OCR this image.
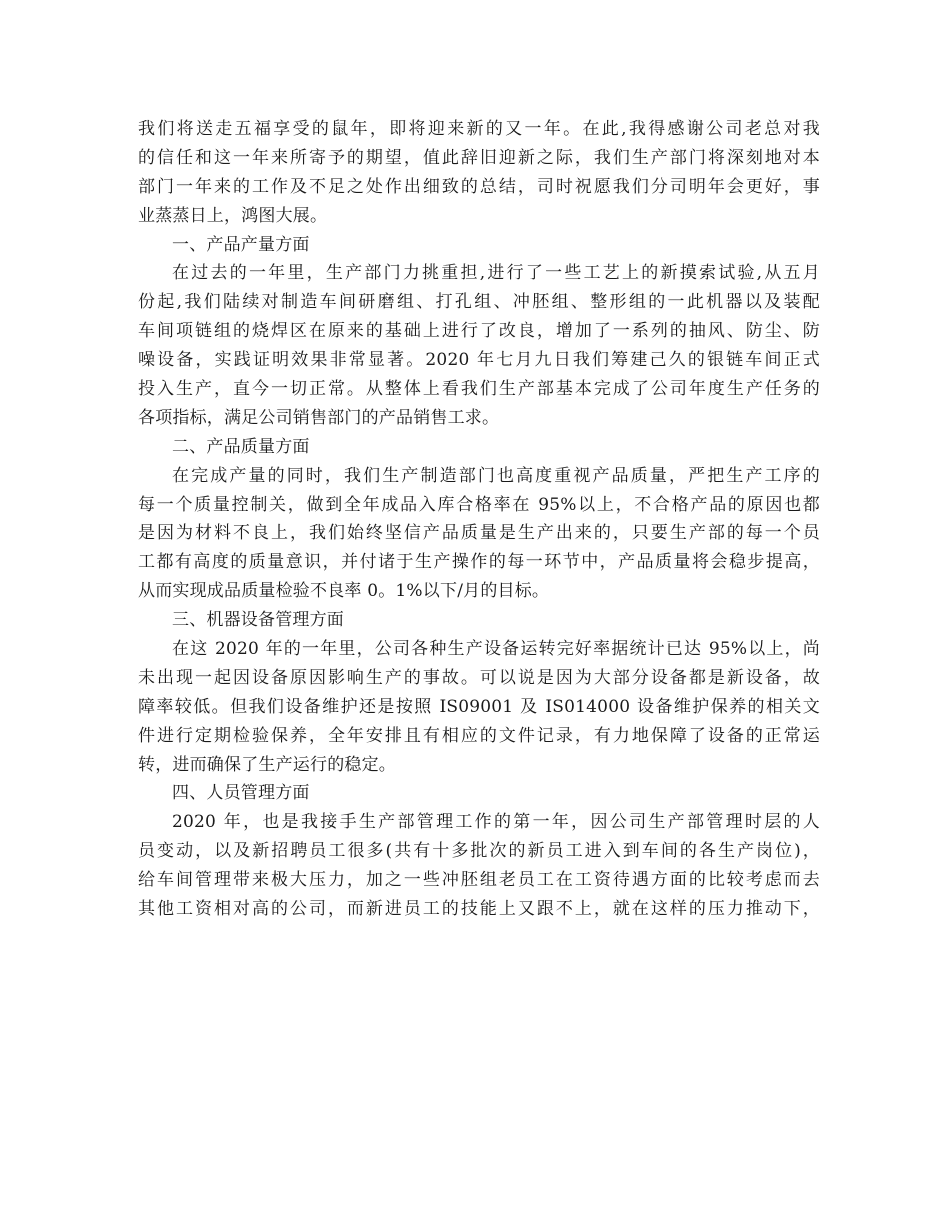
我们将送走五福享受的鼠年，即将迎来新的又一年。在此,我得感谢公司老总对我
的信任和这一年来所寄予的期望，值此辞旧迎新之际，我们生产部门将深刻地对本
部门一年来的工作及不足之处作出细致的总结，司时祝愿我们分司明年会更好，事
业蒸蒸日上，鸿图大展。
一、产品产量方面
在过去的一年里，生产部门力挑重担,进行了一些工艺上的新摸索试验,从五月
份起,我们陆续对制造车间研磨组、打孔组、冲胚组、整形组的一此机器以及装配
车间项链组的烧焊区在原来的基础上进行了改良，增加了一系列的抽风、防尘、防
噪设备，实践证明效果非常显著。2020 年七月九日我们筹建己久的银链车间正式
投入生产，直今一切正常。从整体上看我们生产部基本完成了公司年度生产任务的
各项指标，满足公司销售部门的产品销售工求。
二、产品质量方面
在完成产量的同时，我们生产制造部门也高度重视产品质量，严把生产工序的
每一个质量控制关，做到全年成品入库合格率在 95%以上，不合格产品的原因也都
是因为材料不良上，我们始终坚信产品质量是生产出来的，只要生产部的每一个员
工都有高度的质量意识，并付诸于生产操作的每一环节中，产品质量将会稳步提高，
从而实现成品质量检验不良率 0。1%以下/月的目标。
三、机器设备管理方面
在这 2020 年的一年里，公司各种生产设备运转完好率据统计已达 95%以上，尚
未出现一起因设备原因影响生产的事故。可以说是因为大部分设备都是新设备，故
障率较低。但我们设备维护还是按照 IS09001 及 IS014000 设备维护保养的相关文
件进行定期检验保养，全年安排且有相应的文件记录，有力地保障了设备的正常运
转，进而确保了生产运行的稳定。
四、人员管理方面
2020 年，也是我接手生产部管理工作的第一年，因公司生产部管理时层的人
员变动，以及新招聘员工很多(共有十多批次的新员工进入到车间的各生产岗位)，
给车间管理带来极大压力，加之一些冲胚组老员工在工资待遇方面的比较考虑而去
其他工资相对高的公司，而新进员工的技能上又跟不上，就在这样的压力推动下，
